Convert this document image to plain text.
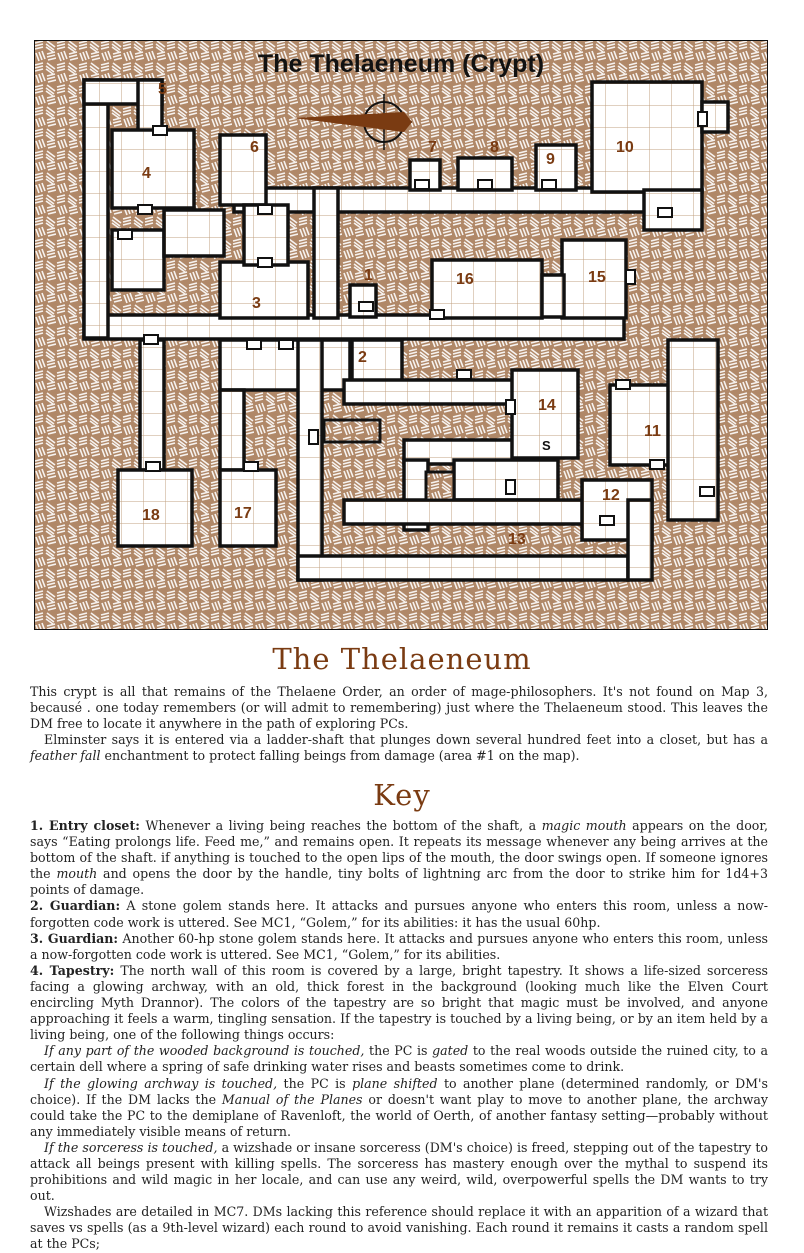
The Thelaeneum (Crypt)
1
2
3
4
5
6	7	8
9
10
11
12
13
14
15
16
17
18
S
The Thelaeneum

This crypt is all that remains of the Thelaene Order, an order of mage-philosophers. It's not found on Map 3, becausé . one today remembers (or will admit to remembering) just where the Thelaeneum stood. This leaves the DM free to locate it anywhere in the path of exploring PCs.

Elminster says it is entered via a ladder-shaft that plunges down several hundred feet into a closet, but has a feather fall enchantment to protect falling beings from damage (area #1 on the map).

Key

1. Entry closet: Whenever a living being reaches the bottom of the shaft, a magic mouth appears on the door, says “Eating prolongs life. Feed me,” and remains open. It repeats its message whenever any being arrives at the bottom of the shaft. if anything is touched to the open lips of the mouth, the door swings open. If someone ignores the mouth and opens the door by the handle, tiny bolts of lightning arc from the door to strike him for 1d4+3 points of damage.

2. Guardian: A stone golem stands here. It attacks and pursues anyone who enters this room, unless a now-forgotten code work is uttered. See MC1, “Golem,” for its abilities: it has the usual 60hp.

3. Guardian: Another 60-hp stone golem stands here. It attacks and pursues anyone who enters this room, unless a now-forgotten code work is uttered. See MC1, “Golem,” for its abilities.

4. Tapestry: The north wall of this room is covered by a large, bright tapestry. It shows a life-sized sorceress facing a glowing archway, with an old, thick forest in the background (looking much like the Elven Court encircling Myth Drannor). The colors of the tapestry are so bright that magic must be involved, and anyone approaching it feels a warm, tingling sensation. If the tapestry is touched by a living being, or by an item held by a living being, one of the following things occurs:

If any part of the wooded background is touched, the PC is gated to the real woods outside the ruined city, to a certain dell where a spring of safe drinking water rises and beasts sometimes come to drink.

If the glowing archway is touched, the PC is plane shifted to another plane (determined randomly, or DM's choice). If the DM lacks the Manual of the Planes or doesn't want play to move to another plane, the archway could take the PC to the demiplane of Ravenloft, the world of Oerth, of another fantasy setting—probably without any immediately visible means of return.

If the sorceress is touched, a wizshade or insane sorceress (DM's choice) is freed, stepping out of the tapestry to attack all beings present with killing spells. The sorceress has mastery enough over the mythal to suspend its prohibitions and wild magic in her locale, and can use any weird, wild, overpowerful spells the DM wants to try out.

Wizshades are detailed in MC7. DMs lacking this reference should replace it with an apparition of a wizard that saves vs spells (as a 9th-level wizard) each round to avoid vanishing. Each round it remains it casts a random spell at the PCs;
